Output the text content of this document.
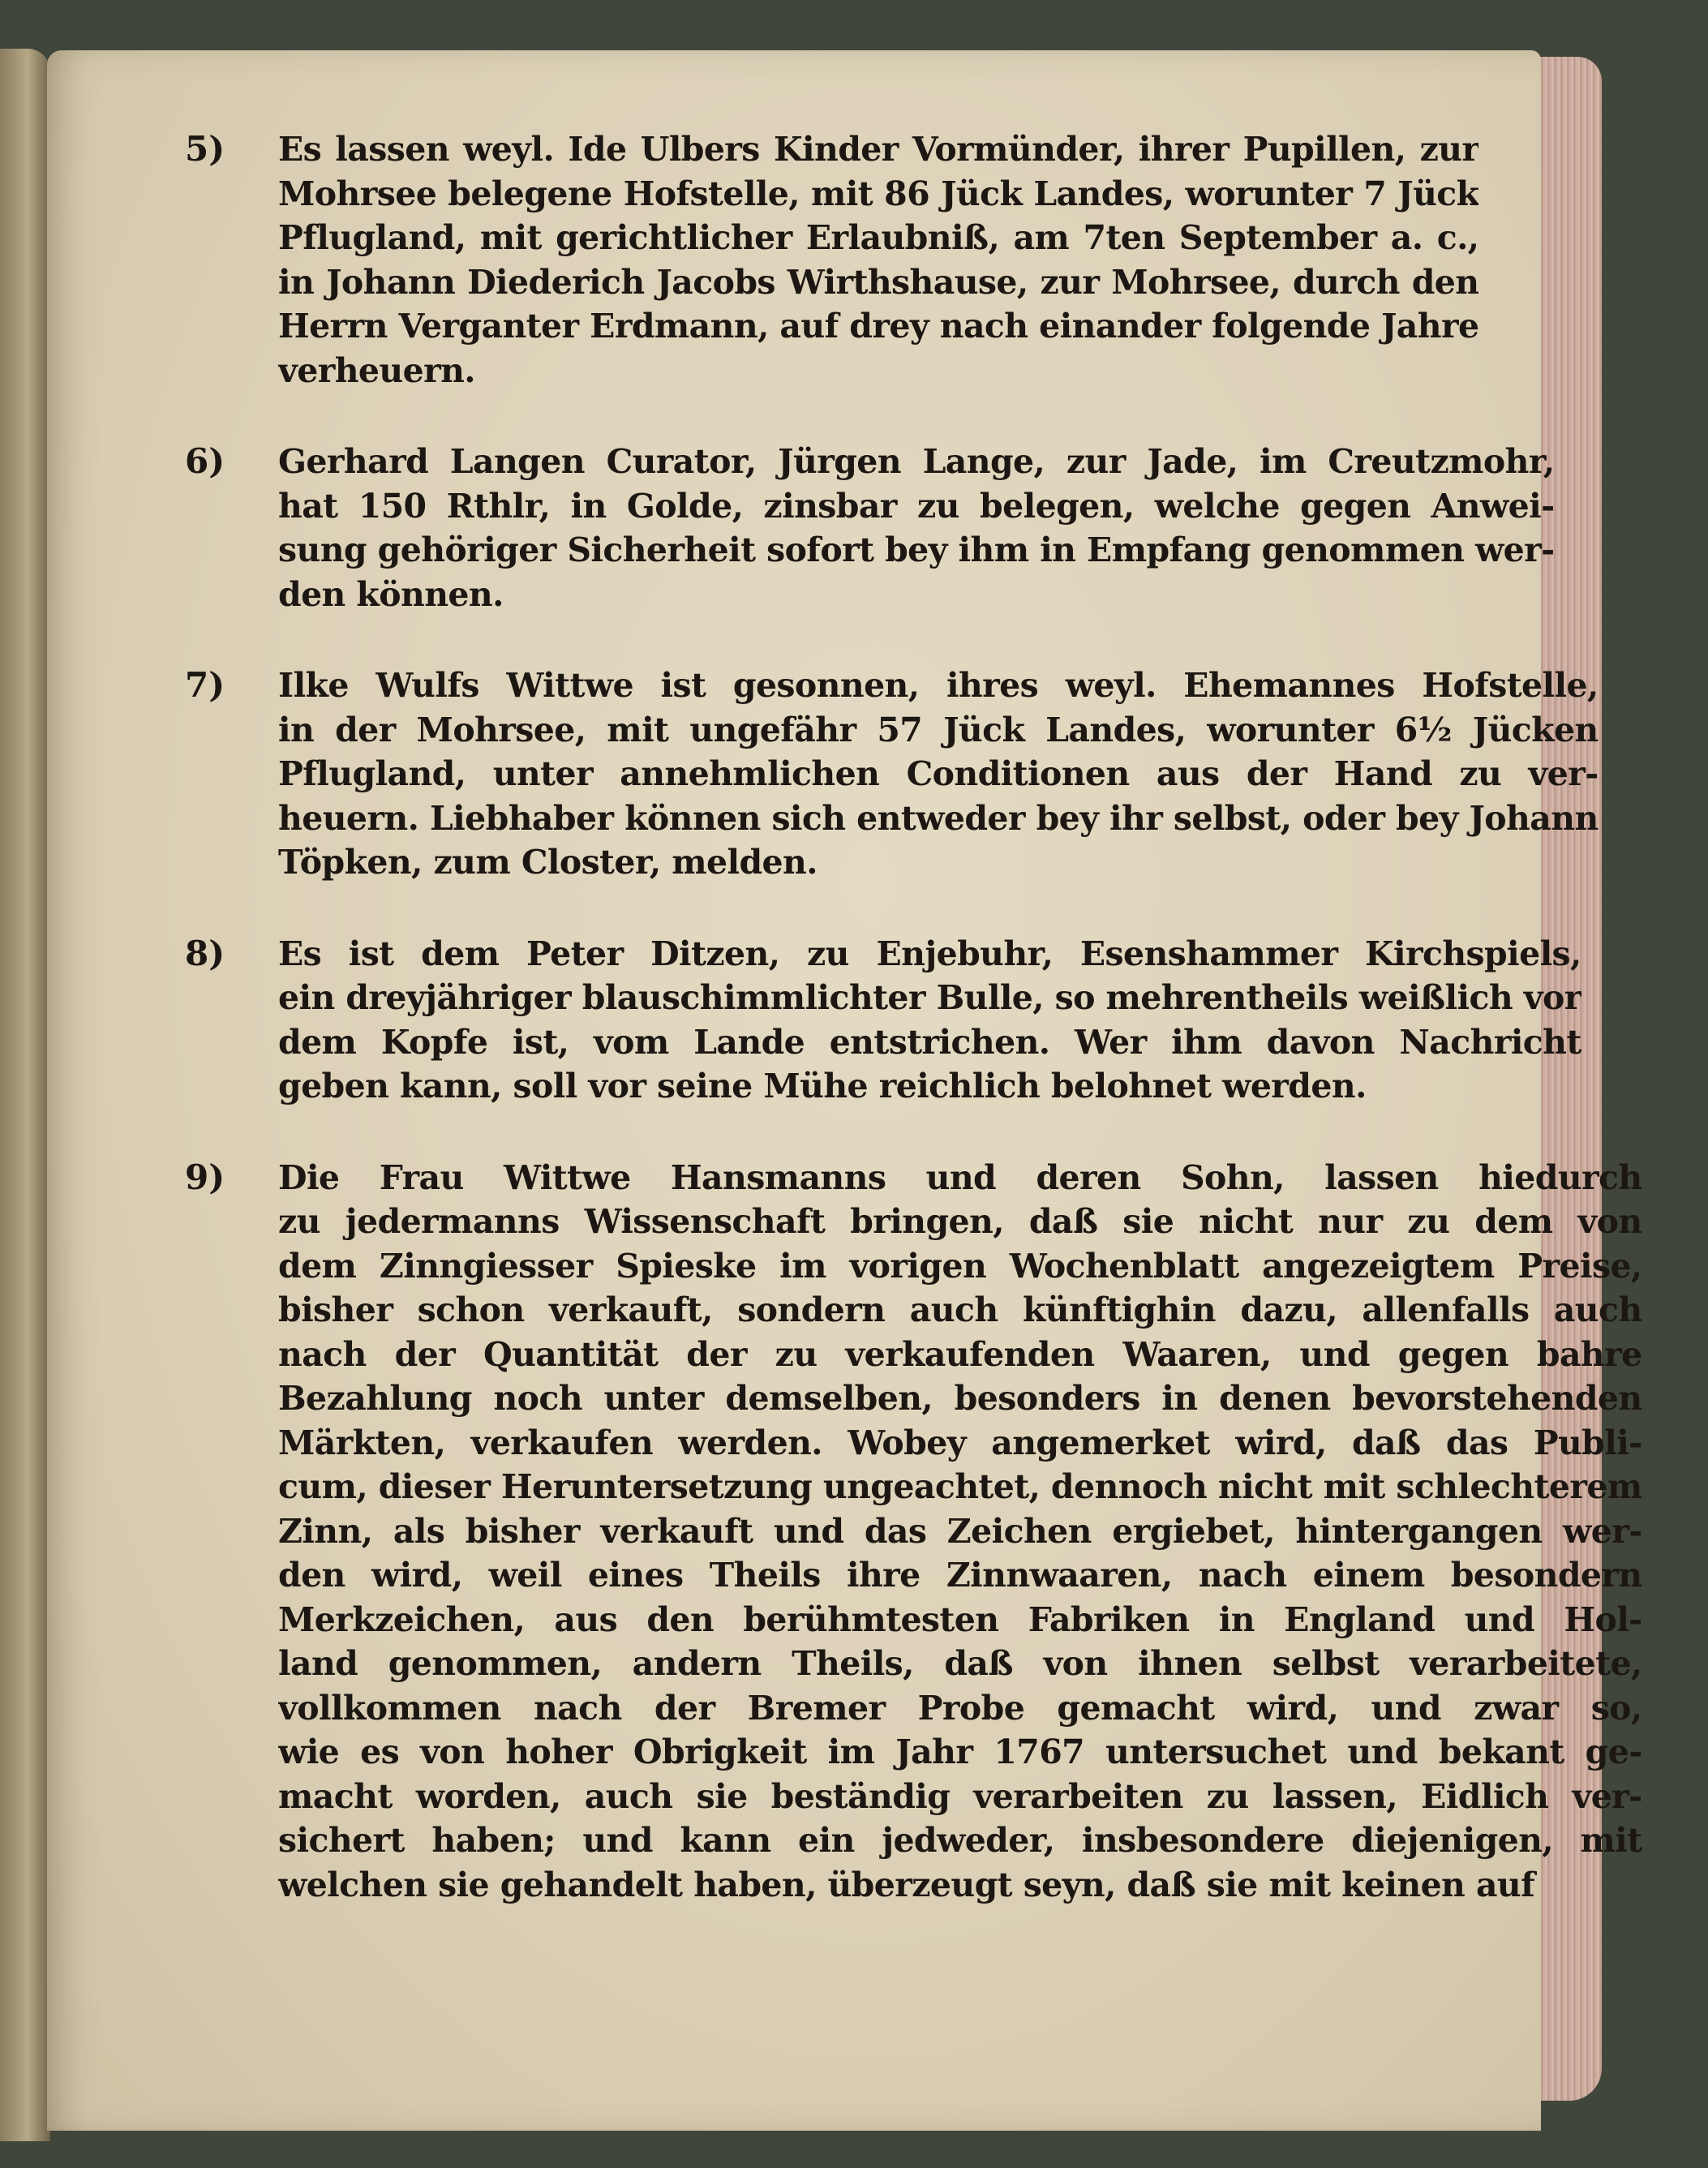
5)	Es lassen weyl. Ide Ulbers Kinder Vormünder, ihrer Pupillen, zur
Mohrsee belegene Hofstelle, mit 86 Jück Landes, worunter 7 Jück
Pflugland, mit gerichtlicher Erlaubniß, am 7ten September a. c.,
in Johann Diederich Jacobs Wirthshause, zur Mohrsee, durch den
Herrn Verganter Erdmann, auf drey nach einander folgende Jahre
verheuern.
6)	Gerhard Langen Curator, Jürgen Lange, zur Jade, im Creutzmohr,
hat 150 Rthlr, in Golde, zinsbar zu belegen, welche gegen Anwei-
sung gehöriger Sicherheit sofort bey ihm in Empfang genommen wer-
den können.
7)	Ilke Wulfs Wittwe ist gesonnen, ihres weyl. Ehemannes Hofstelle,
in der Mohrsee, mit ungefähr 57 Jück Landes, worunter 6½ Jücken
Pflugland, unter annehmlichen Conditionen aus der Hand zu ver-
heuern. Liebhaber können sich entweder bey ihr selbst, oder bey Johann
Töpken, zum Closter, melden.
8)	Es ist dem Peter Ditzen, zu Enjebuhr, Esenshammer Kirchspiels,
ein dreyjähriger blauschimmlichter Bulle, so mehrentheils weißlich vor
dem Kopfe ist, vom Lande entstrichen. Wer ihm davon Nachricht
geben kann, soll vor seine Mühe reichlich belohnet werden.
9)	Die Frau Wittwe Hansmanns und deren Sohn, lassen hiedurch
zu jedermanns Wissenschaft bringen, daß sie nicht nur zu dem von
dem Zinngiesser Spieske im vorigen Wochenblatt angezeigtem Preise,
bisher schon verkauft, sondern auch künftighin dazu, allenfalls auch
nach der Quantität der zu verkaufenden Waaren, und gegen bahre
Bezahlung noch unter demselben, besonders in denen bevorstehenden
Märkten, verkaufen werden. Wobey angemerket wird, daß das Publi-
cum, dieser Heruntersetzung ungeachtet, dennoch nicht mit schlechterem
Zinn, als bisher verkauft und das Zeichen ergiebet, hintergangen wer-
den wird, weil eines Theils ihre Zinnwaaren, nach einem besondern
Merkzeichen, aus den berühmtesten Fabriken in England und Hol-
land genommen, andern Theils, daß von ihnen selbst verarbeitete,
vollkommen nach der Bremer Probe gemacht wird, und zwar so,
wie es von hoher Obrigkeit im Jahr 1767 untersuchet und bekant ge-
macht worden, auch sie beständig verarbeiten zu lassen, Eidlich ver-
sichert haben; und kann ein jedweder, insbesondere diejenigen, mit
welchen sie gehandelt haben, überzeugt seyn, daß sie mit keinen auf
